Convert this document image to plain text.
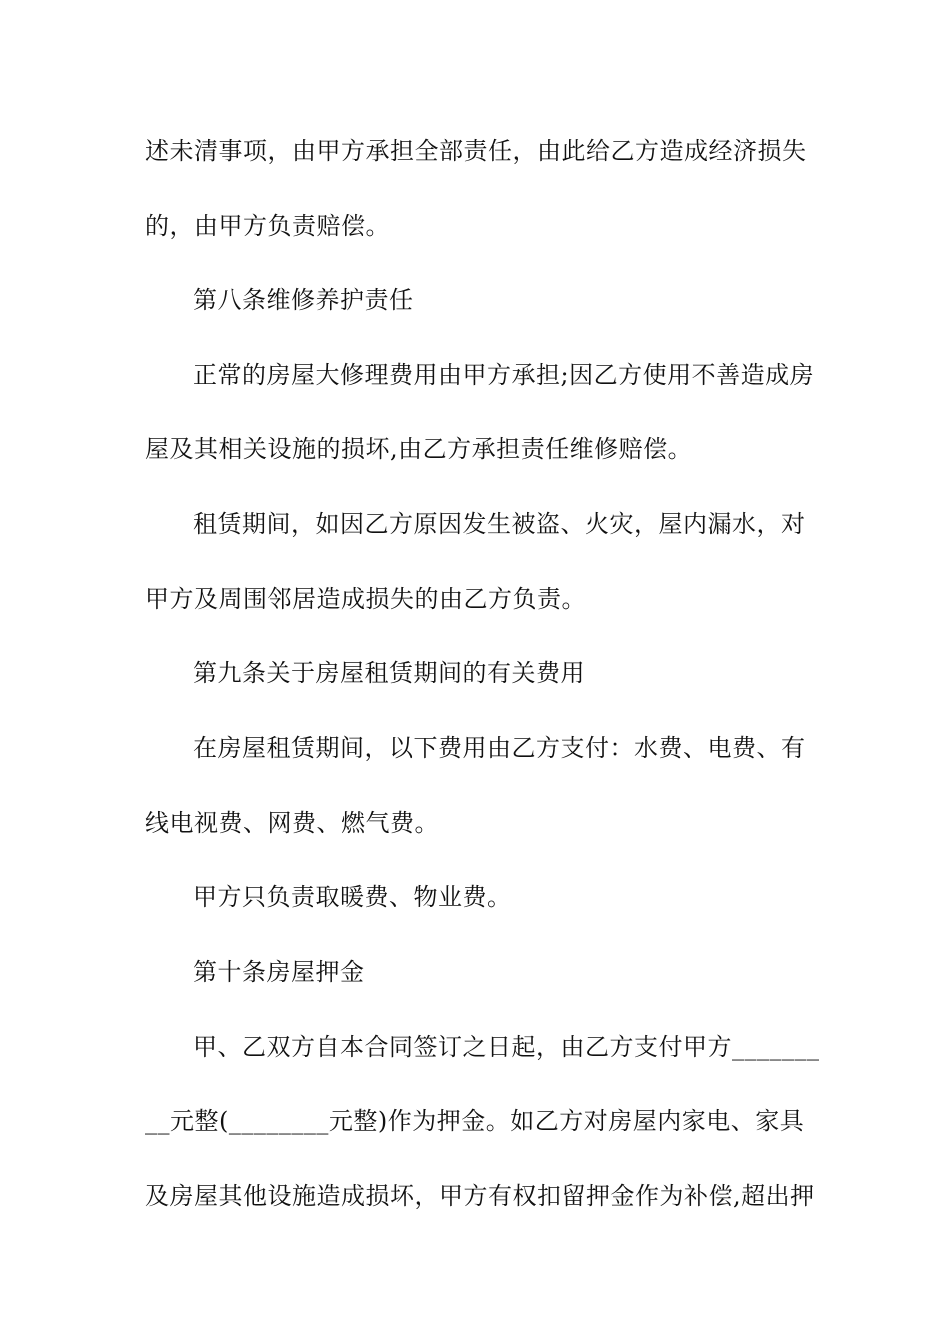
述未清事项，由甲方承担全部责任，由此给乙方造成经济损失
的，由甲方负责赔偿。
第八条维修养护责任
正常的房屋大修理费用由甲方承担;因乙方使用不善造成房
屋及其相关设施的损坏,由乙方承担责任维修赔偿。
租赁期间，如因乙方原因发生被盗、火灾，屋内漏水，对
甲方及周围邻居造成损失的由乙方负责。
第九条关于房屋租赁期间的有关费用
在房屋租赁期间，以下费用由乙方支付：水费、电费、有
线电视费、网费、燃气费。
甲方只负责取暖费、物业费。
第十条房屋押金
甲、乙双方自本合同签订之日起，由乙方支付甲方_______
__元整(________元整)作为押金。如乙方对房屋内家电、家具
及房屋其他设施造成损坏，甲方有权扣留押金作为补偿,超出押
